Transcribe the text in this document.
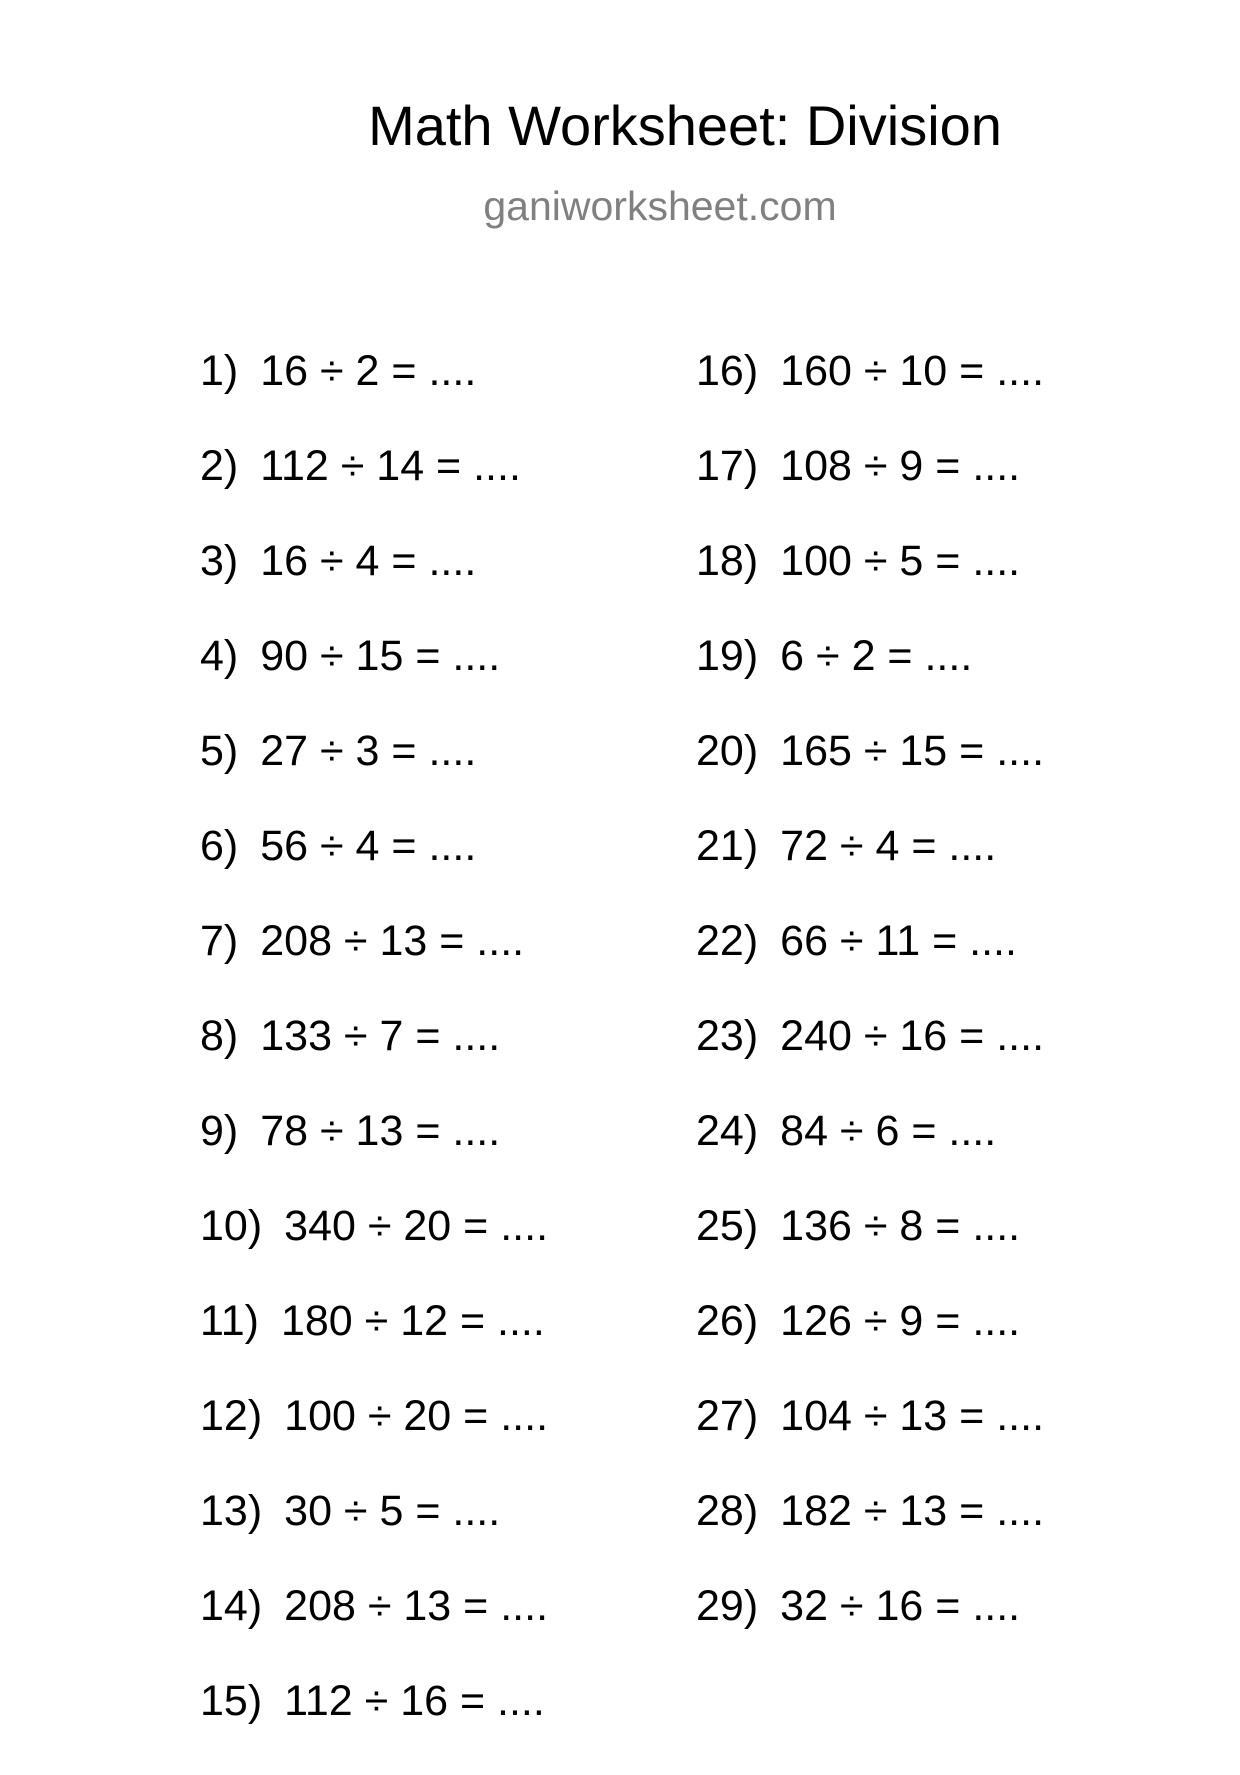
Math Worksheet: Division
ganiworksheet.com
1) 16 ÷ 2 = ....
2) 112 ÷ 14 = ....
3) 16 ÷ 4 = ....
4) 90 ÷ 15 = ....
5) 27 ÷ 3 = ....
6) 56 ÷ 4 = ....
7) 208 ÷ 13 = ....
8) 133 ÷ 7 = ....
9) 78 ÷ 13 = ....
10) 340 ÷ 20 = ....
11) 180 ÷ 12 = ....
12) 100 ÷ 20 = ....
13) 30 ÷ 5 = ....
14) 208 ÷ 13 = ....
15) 112 ÷ 16 = ....
16) 160 ÷ 10 = ....
17) 108 ÷ 9 = ....
18) 100 ÷ 5 = ....
19) 6 ÷ 2 = ....
20) 165 ÷ 15 = ....
21) 72 ÷ 4 = ....
22) 66 ÷ 11 = ....
23) 240 ÷ 16 = ....
24) 84 ÷ 6 = ....
25) 136 ÷ 8 = ....
26) 126 ÷ 9 = ....
27) 104 ÷ 13 = ....
28) 182 ÷ 13 = ....
29) 32 ÷ 16 = ....
